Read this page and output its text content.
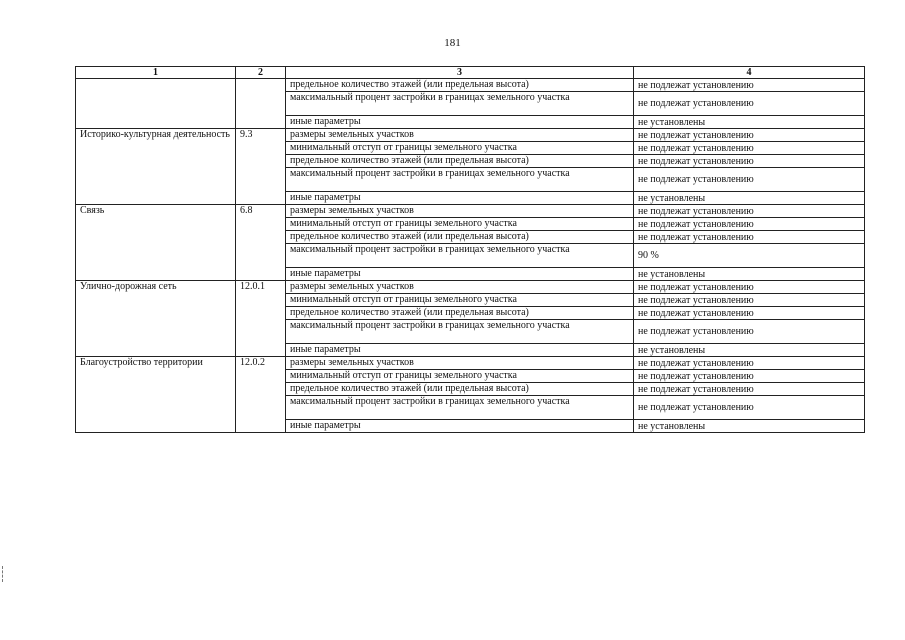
181
1	2	3	4
		предельное количество этажей (или предельная высота)	не подлежат установлению
		максимальный процент застройки в границах земельного участка	не подлежат установлению
		иные параметры	не установлены
Историко-культурная деятельность	9.3	размеры земельных участков	не подлежат установлению
		минимальный отступ от границы земельного участка	не подлежат установлению
		предельное количество этажей (или предельная высота)	не подлежат установлению
		максимальный процент застройки в границах земельного участка	не подлежат установлению
		иные параметры	не установлены
Связь	6.8	размеры земельных участков	не подлежат установлению
		минимальный отступ от границы земельного участка	не подлежат установлению
		предельное количество этажей (или предельная высота)	не подлежат установлению
		максимальный процент застройки в границах земельного участка	90 %
		иные параметры	не установлены
Улично-дорожная сеть	12.0.1	размеры земельных участков	не подлежат установлению
		минимальный отступ от границы земельного участка	не подлежат установлению
		предельное количество этажей (или предельная высота)	не подлежат установлению
		максимальный процент застройки в границах земельного участка	не подлежат установлению
		иные параметры	не установлены
Благоустройство территории	12.0.2	размеры земельных участков	не подлежат установлению
		минимальный отступ от границы земельного участка	не подлежат установлению
		предельное количество этажей (или предельная высота)	не подлежат установлению
		максимальный процент застройки в границах земельного участка	не подлежат установлению
		иные параметры	не установлены
